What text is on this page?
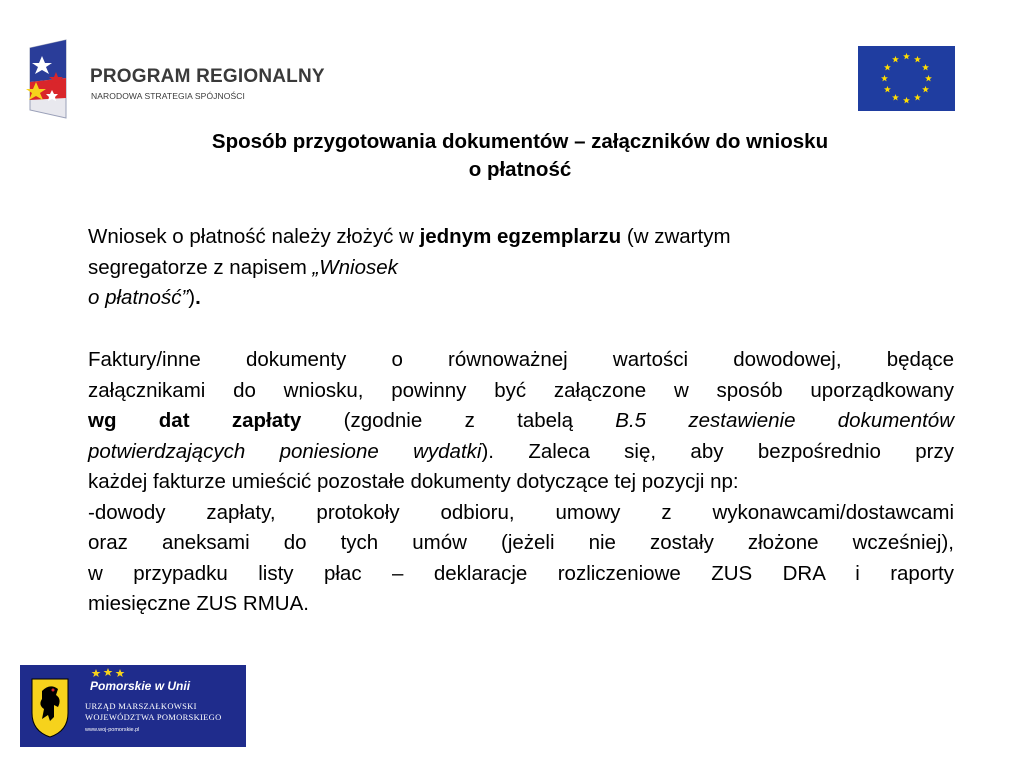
PROGRAM REGIONALNY
NARODOWA STRATEGIA SPÓJNOŚCI
Sposób przygotowania dokumentów – załączników do wniosku
o płatność
Wniosek o płatność należy złożyć w jednym egzemplarzu (w zwartym
segregatorze z napisem „Wniosek
o płatność”).
Faktury/inne dokumenty o równoważnej wartości dowodowej, będące
załącznikami do wniosku, powinny być załączone w sposób uporządkowany
wg dat zapłaty (zgodnie z tabelą B.5 zestawienie dokumentów
potwierdzających poniesione wydatki). Zaleca się, aby bezpośrednio przy
każdej fakturze umieścić pozostałe dokumenty dotyczące tej pozycji np:
-dowody zapłaty, protokoły odbioru, umowy z wykonawcami/dostawcami
oraz aneksami do tych umów (jeżeli nie zostały złożone wcześniej),
w przypadku listy płac – deklaracje rozliczeniowe ZUS DRA i raporty
miesięczne ZUS RMUA.
Pomorskie w Unii
URZĄD MARSZAŁKOWSKI
WOJEWÓDZTWA POMORSKIEGO
www.woj-pomorskie.pl
